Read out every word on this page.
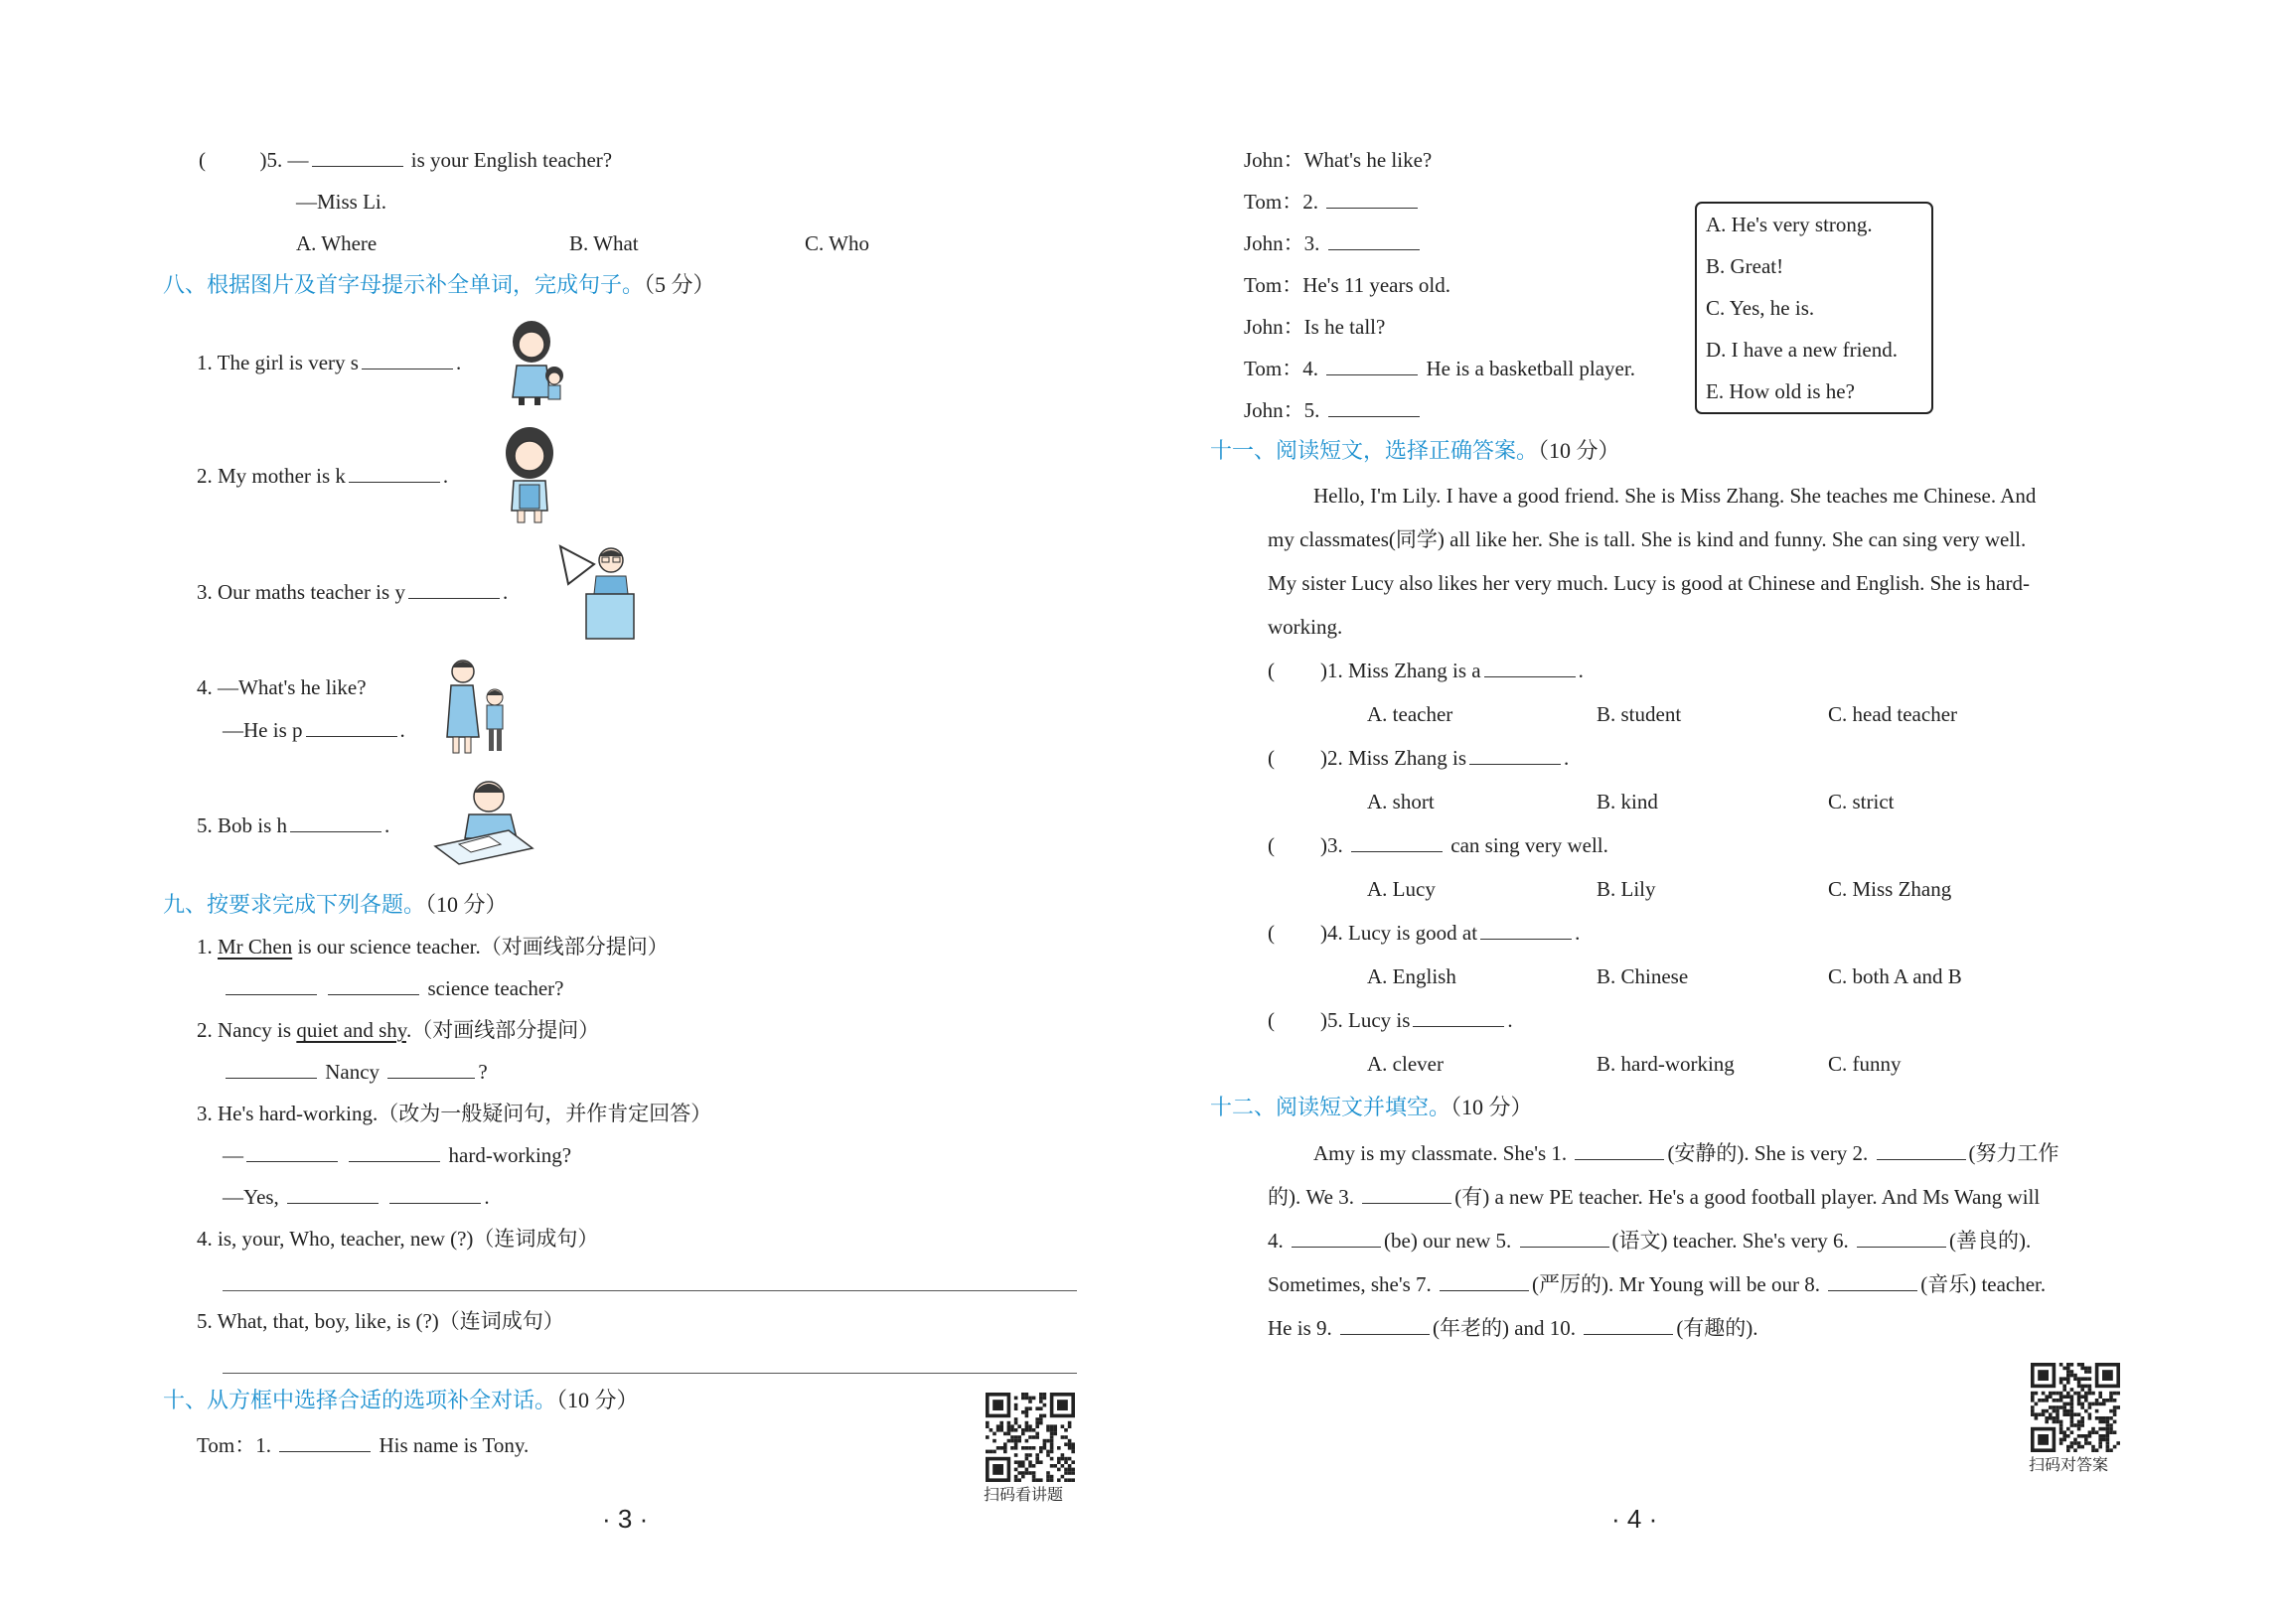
(	)5. —	is your English teacher?
—Miss Li.
A. Where	B. What	C. Who
八、根据图片及首字母提示补全单词，完成句子。（5 分）
1. The girl is very s	.
2. My mother is k	.
3. Our maths teacher is y	.
4. —What's he like?
—He is p	.
5. Bob is h	.
九、按要求完成下列各题。（10 分）
1. Mr Chen is our science teacher.（对画线部分提问）
science teacher?
2. Nancy is quiet and shy.（对画线部分提问）
Nancy	?
3. He's hard-working.（改为一般疑问句，并作肯定回答）
—	hard-working?
—Yes,	.
4. is, your, Who, teacher, new (?)（连词成句）
5. What, that, boy, like, is (?)（连词成句）
十、从方框中选择合适的选项补全对话。（10 分）
Tom：1.	His name is Tony.
扫码看讲题
· 3 ·
John：What's he like?
Tom：2.
John：3.
Tom：He's 11 years old.
John：Is he tall?
Tom：4.	He is a basketball player.
John：5.
A. He's very strong.
B. Great!
C. Yes, he is.
D. I have a new friend.
E. How old is he?
十一、阅读短文，选择正确答案。（10 分）
Hello, I'm Lily. I have a good friend. She is Miss Zhang. She teaches me Chinese. And
my classmates(同学) all like her. She is tall. She is kind and funny. She can sing very well.
My sister Lucy also likes her very much. Lucy is good at Chinese and English. She is hard-
working.
( )1. Miss Zhang is a	.
A. teacher	B. student	C. head teacher
( )2. Miss Zhang is	.
A. short	B. kind	C. strict
( )3.	can sing very well.
A. Lucy	B. Lily	C. Miss Zhang
( )4. Lucy is good at	.
A. English	B. Chinese	C. both A and B
( )5. Lucy is	.
A. clever	B. hard-working	C. funny
十二、阅读短文并填空。（10 分）
Amy is my classmate. She's 1.	(安静的). She is very 2.	(努力工作
的). We 3.	(有) a new PE teacher. He's a good football player. And Ms Wang will
4.	(be) our new 5.	(语文) teacher. She's very 6.	(善良的).
Sometimes, she's 7.	(严厉的). Mr Young will be our 8.	(音乐) teacher.
He is 9.	(年老的) and 10.	(有趣的).
扫码对答案
· 4 ·
